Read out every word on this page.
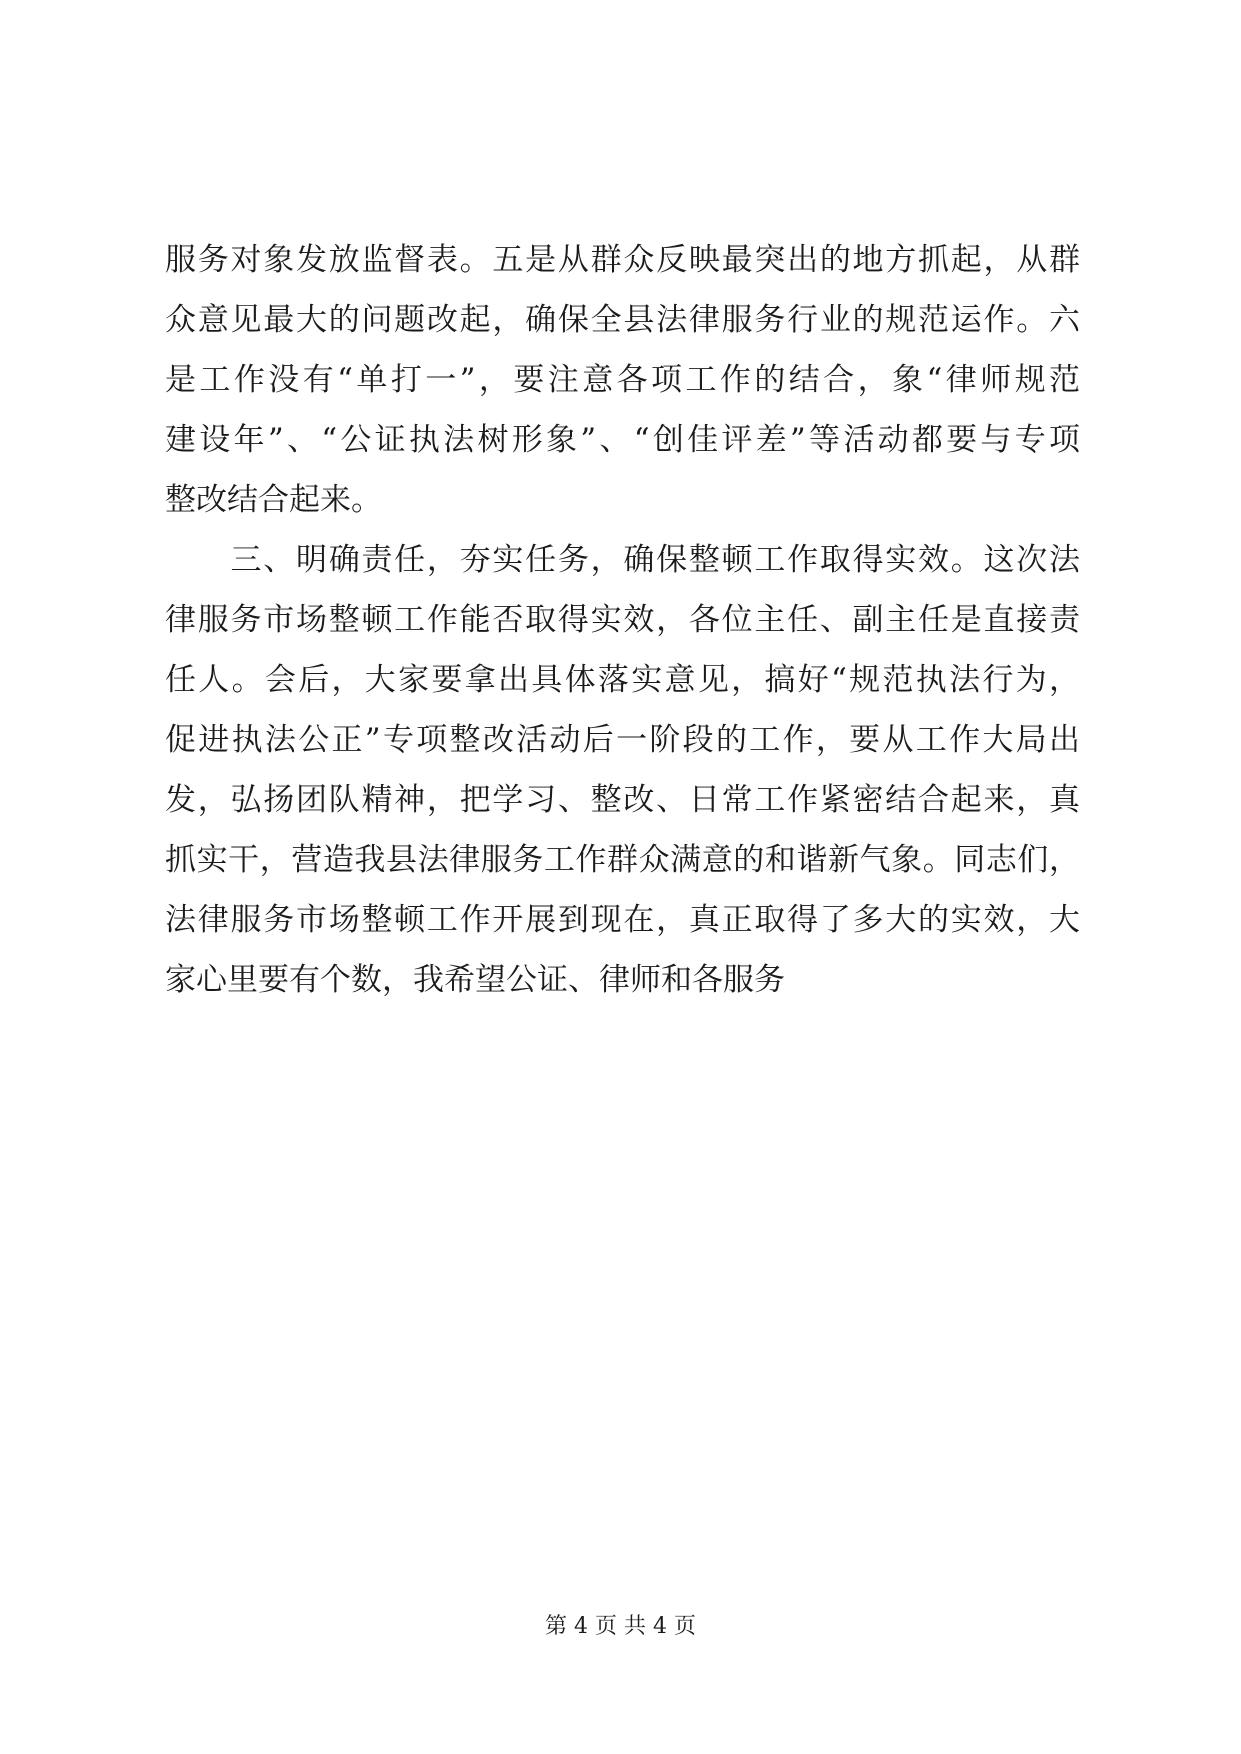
服务对象发放监督表。五是从群众反映最突出的地方抓起，从群
众意见最大的问题改起，确保全县法律服务行业的规范运作。六
是工作没有“单打一”，要注意各项工作的结合，象“律师规范
建设年”、“公证执法树形象”、“创佳评差”等活动都要与专项
整改结合起来。
　　三、明确责任，夯实任务，确保整顿工作取得实效。这次法
律服务市场整顿工作能否取得实效，各位主任、副主任是直接责
任人。会后，大家要拿出具体落实意见，搞好“规范执法行为，
促进执法公正”专项整改活动后一阶段的工作，要从工作大局出
发，弘扬团队精神，把学习、整改、日常工作紧密结合起来，真
抓实干，营造我县法律服务工作群众满意的和谐新气象。同志们，
法律服务市场整顿工作开展到现在，真正取得了多大的实效，大
家心里要有个数，我希望公证、律师和各服务
第 4 页 共 4 页
